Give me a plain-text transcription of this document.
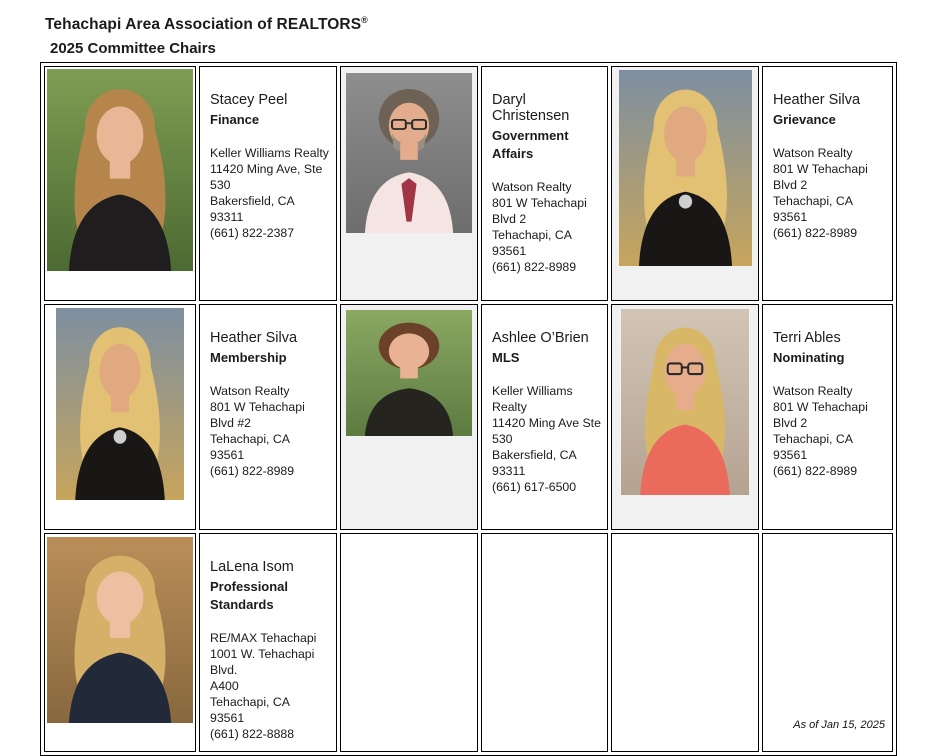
Tehachapi Area Association of REALTORS®
2025 Committee Chairs

Stacey Peel
Finance
Keller Williams Realty
11420 Ming Ave, Ste 530
Bakersfield, CA  93311
(661) 822-2387

Daryl Christensen
Government Affairs
Watson Realty
801 W Tehachapi Blvd 2
Tehachapi, CA  93561
(661) 822-8989

Heather Silva
Grievance
Watson Realty
801 W Tehachapi Blvd 2
Tehachapi, CA  93561
(661) 822-8989

Heather Silva
Membership
Watson Realty
801 W Tehachapi Blvd #2
Tehachapi, CA  93561
(661) 822-8989

Ashlee O’Brien
MLS
Keller Williams Realty
11420 Ming Ave Ste 530
Bakersfield, CA  93311
(661) 617-6500

Terri Ables
Nominating
Watson Realty
801 W Tehachapi Blvd 2
Tehachapi, CA  93561
(661) 822-8989

LaLena Isom
Professional Standards
RE/MAX Tehachapi
1001 W. Tehachapi Blvd.
A400
Tehachapi, CA  93561
(661) 822-8888

As of Jan 15, 2025
